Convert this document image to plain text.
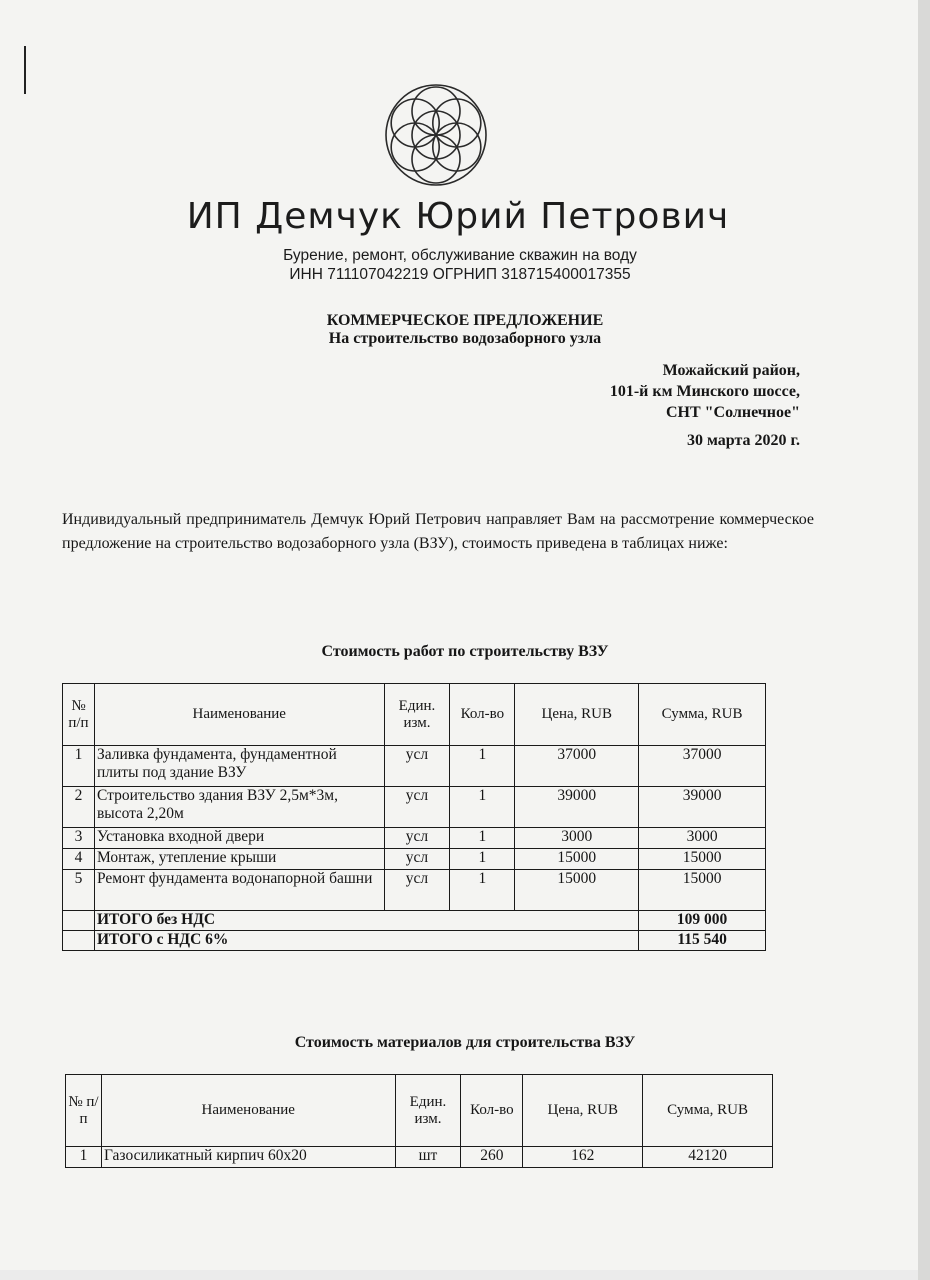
ИП Демчук Юрий Петрович
Бурение, ремонт, обслуживание скважин на воду
ИНН 711107042219 ОГРНИП 318715400017355
КОММЕРЧЕСКОЕ ПРЕДЛОЖЕНИЕ
На строительство водозаборного узла
Можайский район,
101-й км Минского шоссе,
СНТ "Солнечное"
30 марта 2020 г.
Индивидуальный предприниматель Демчук Юрий Петрович направляет Вам на рассмотрение коммерческое предложение на строительство водозаборного узла (ВЗУ), стоимость приведена в таблицах ниже:
Стоимость работ по строительству ВЗУ
№ п/п	Наименование	Един. изм.	Кол-во	Цена, RUB	Сумма, RUB
1	Заливка фундамента, фундаментной плиты под здание ВЗУ	усл	1	37000	37000
2	Строительство здания ВЗУ 2,5м*3м, высота 2,20м	усл	1	39000	39000
3	Установка входной двери	усл	1	3000	3000
4	Монтаж, утепление крыши	усл	1	15000	15000
5	Ремонт фундамента водонапорной башни	усл	1	15000	15000
	ИТОГО без НДС				109 000
	ИТОГО с НДС 6%				115 540
Стоимость материалов для строительства ВЗУ
№ п/п	Наименование	Един. изм.	Кол-во	Цена, RUB	Сумма, RUB
1	Газосиликатный кирпич 60х20	шт	260	162	42120
